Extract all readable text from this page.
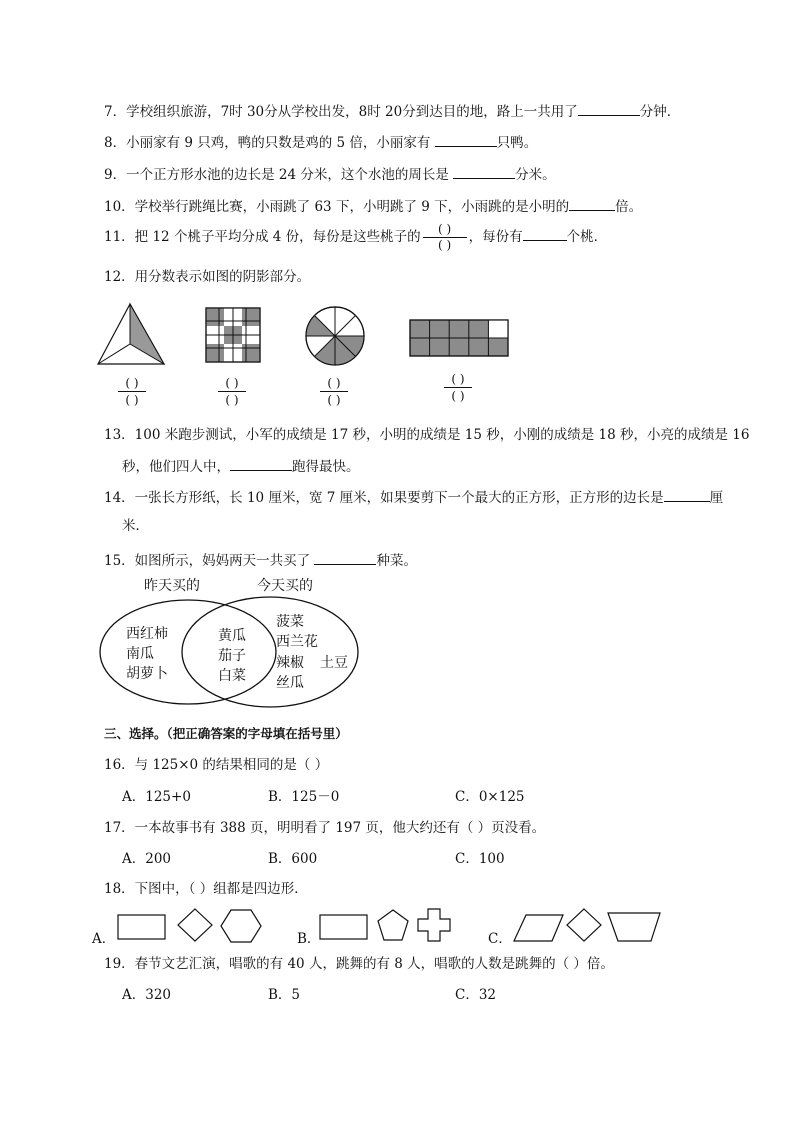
7．学校组织旅游，7时 30分从学校出发，8时 20分到达目的地，路上一共用了	分钟．
8．小丽家有 9 只鸡，鸭的只数是鸡的 5 倍，小丽家有	只鸭。
9．一个正方形水池的边长是 24 分米，这个水池的周长是	分米。
10．学校举行跳绳比赛，小雨跳了 63 下，小明跳了 9 下，小雨跳的是小明的	倍。
11．把 12 个桃子平均分成 4 份，每份是这些桃子的 $\frac{( )}{( )}$ ，每份有	个桃．
12．用分数表示如图的阴影部分。
( )
( )
( )
( )
( )
( )
( )
( )
13．100 米跑步测试，小军的成绩是 17 秒，小明的成绩是 15 秒，小刚的成绩是 18 秒，小亮的成绩是 16
秒，他们四人中，	跑得最快。
14．一张长方形纸，长 10 厘米，宽 7 厘米，如果要剪下一个最大的正方形，正方形的边长是	厘
米．
15．如图所示，妈妈两天一共买了	种菜。
昨天买的	今天买的
西红柿
南瓜
胡萝卜
黄瓜
茄子
白菜
菠菜
西兰花
辣椒
丝瓜
土豆
三、选择。（把正确答案的字母填在括号里）
16．与 125×0 的结果相同的是（ ）
A．125+0	B．125－0	C．0×125
17．一本故事书有 388 页，明明看了 197 页，他大约还有（ ）页没看。
A．200	B．600	C．100
18．下图中，（ ）组都是四边形．
A．	B．	C．
19．春节文艺汇演，唱歌的有 40 人，跳舞的有 8 人，唱歌的人数是跳舞的（ ）倍。
A．320	B．5	C．32
